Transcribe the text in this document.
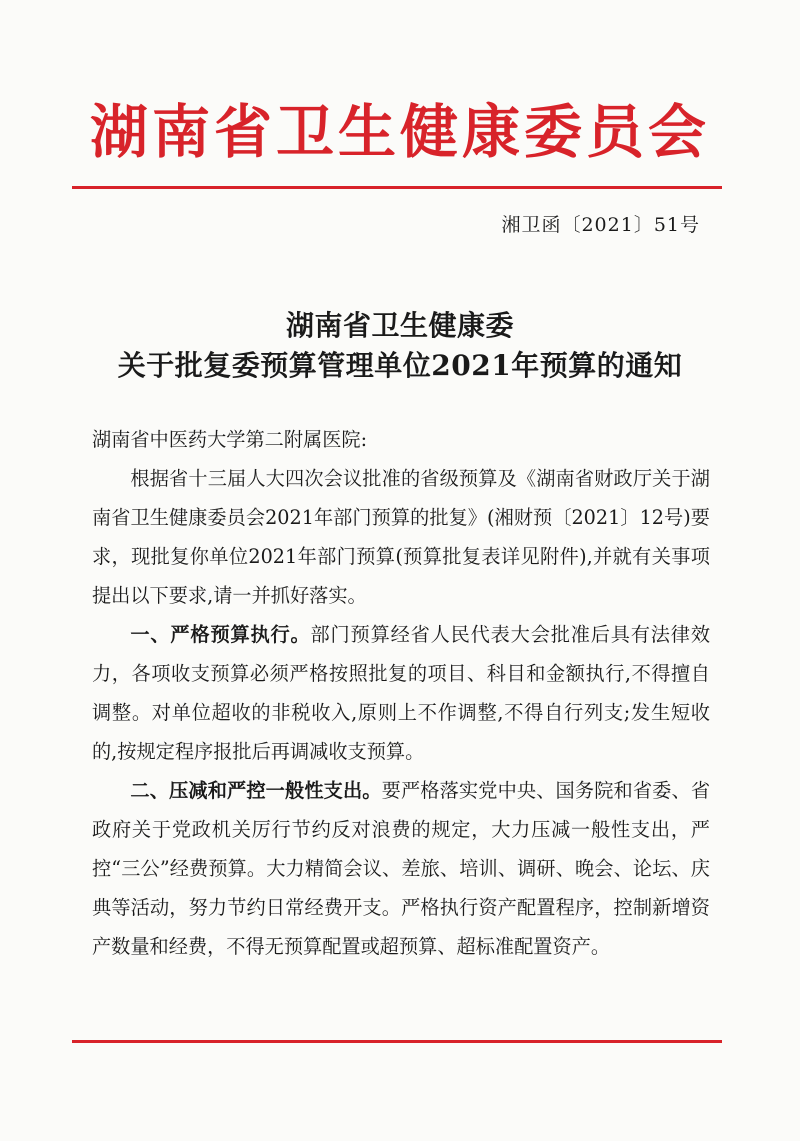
湖南省卫生健康委员会
湘卫函〔2021〕51号
湖南省卫生健康委
关于批复委预算管理单位2021年预算的通知

湖南省中医药大学第二附属医院:

根据省十三届人大四次会议批准的省级预算及《湖南省财政厅关于湖南省卫生健康委员会2021年部门预算的批复》(湘财预〔2021〕12号)要求，现批复你单位2021年部门预算(预算批复表详见附件),并就有关事项提出以下要求,请一并抓好落实。

一、严格预算执行。部门预算经省人民代表大会批准后具有法律效力，各项收支预算必须严格按照批复的项目、科目和金额执行,不得擅自调整。对单位超收的非税收入,原则上不作调整,不得自行列支;发生短收的,按规定程序报批后再调减收支预算。

二、压减和严控一般性支出。要严格落实党中央、国务院和省委、省政府关于党政机关厉行节约反对浪费的规定，大力压减一般性支出，严控“三公”经费预算。大力精简会议、差旅、培训、调研、晚会、论坛、庆典等活动，努力节约日常经费开支。严格执行资产配置程序，控制新增资产数量和经费，不得无预算配置或超预算、超标准配置资产。
